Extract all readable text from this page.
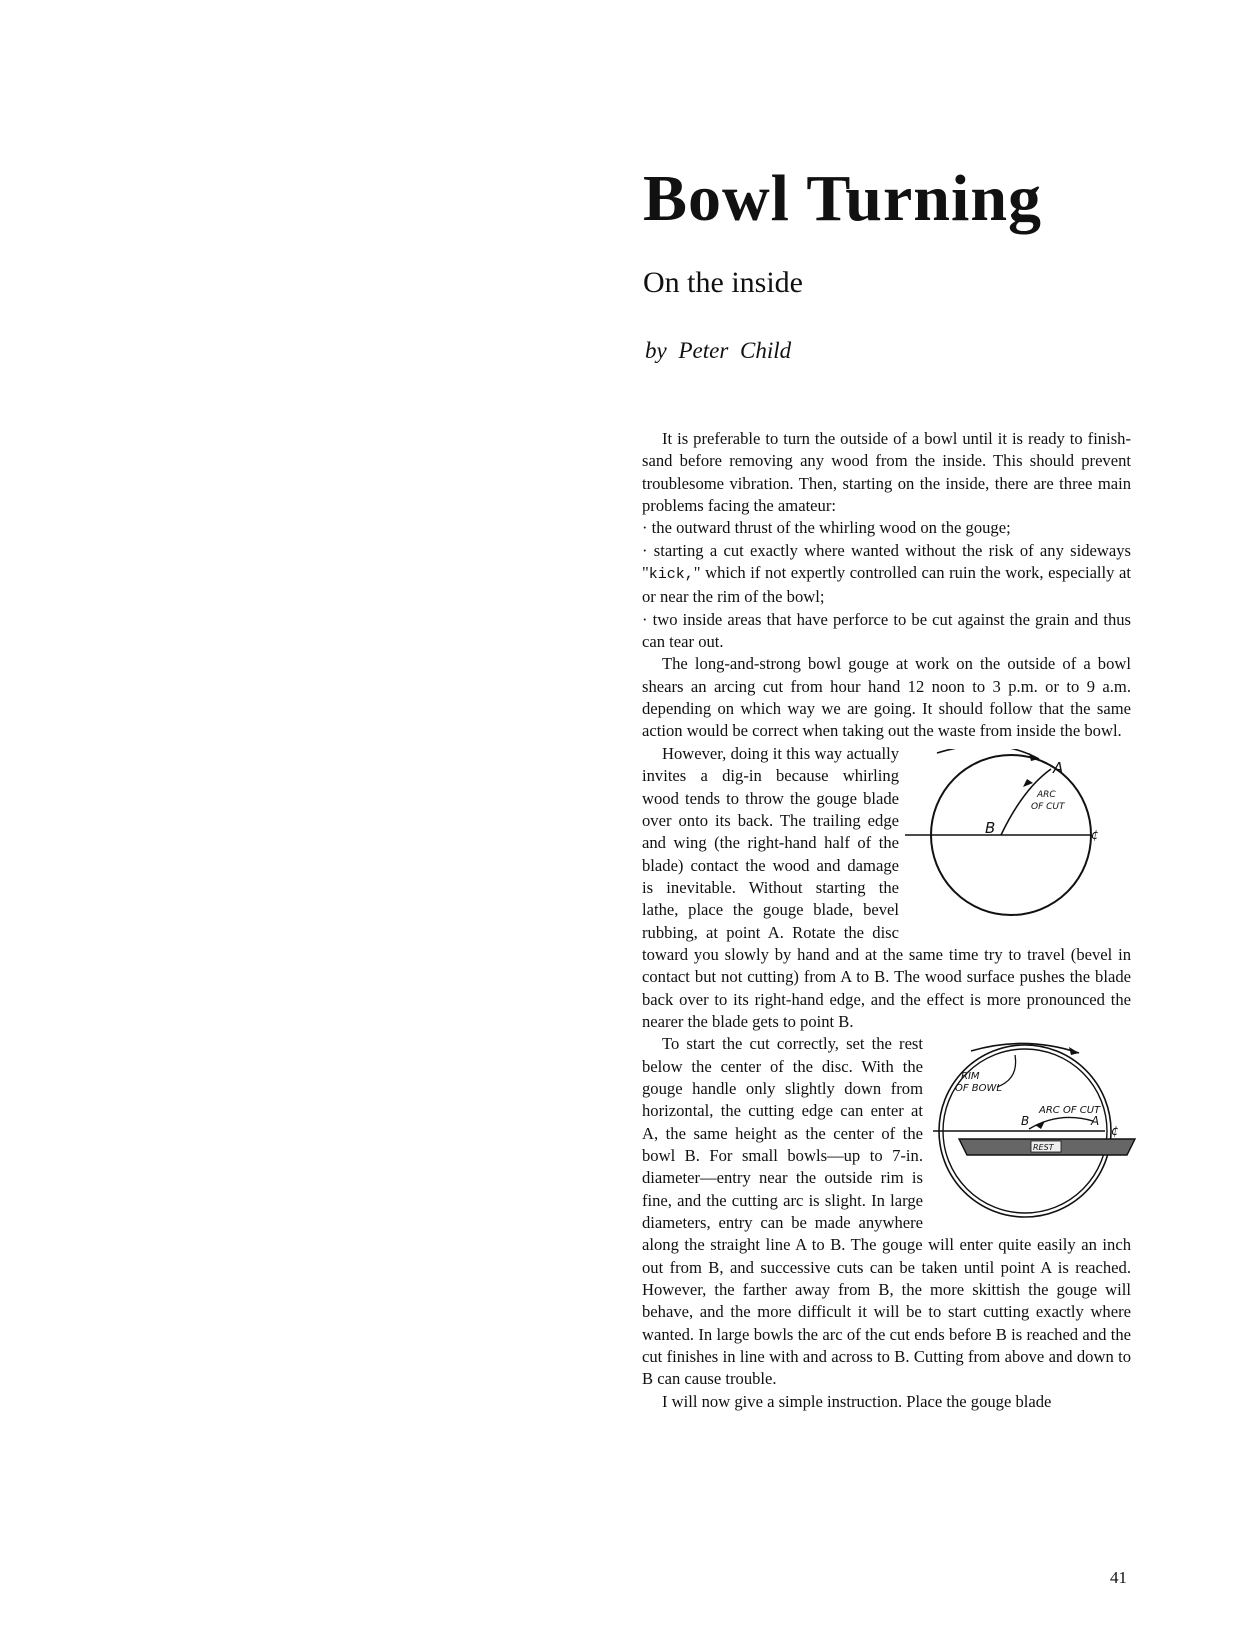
Bowl Turning
On the inside

by Peter Child

It is preferable to turn the outside of a bowl until it is ready to finish-sand before removing any wood from the inside. This should prevent troublesome vibration. Then, starting on the inside, there are three main problems facing the amateur:

· the outward thrust of the whirling wood on the gouge;

· starting a cut exactly where wanted without the risk of any sideways "kick," which if not expertly controlled can ruin the work, especially at or near the rim of the bowl;

· two inside areas that have perforce to be cut against the grain and thus can tear out.

The long-and-strong bowl gouge at work on the outside of a bowl shears an arcing cut from hour hand 12 noon to 3 p.m. or to 9 a.m. depending on which way we are going. It should follow that the same action would be correct when taking out the waste from inside the bowl.

A
B
ARC
OF CUT
¢
However, doing it this way actually invites a dig-in because whirling wood tends to throw the gouge blade over onto its back. The trailing edge and wing (the right-hand half of the blade) contact the wood and damage is inevitable. Without starting the lathe, place the gouge blade, bevel rubbing, at point A. Rotate the disc toward you slowly by hand and at the same time try to travel (bevel in contact but not cutting) from A to B. The wood surface pushes the blade back over to its right-hand edge, and the effect is more pronounced the nearer the blade gets to point B.

REST
RIM
OF BOWL
ARC OF CUT
A
B
¢
To start the cut correctly, set the rest below the center of the disc. With the gouge handle only slightly down from horizontal, the cutting edge can enter at A, the same height as the center of the bowl B. For small bowls—up to 7-in. diameter—entry near the outside rim is fine, and the cutting arc is slight. In large diameters, entry can be made anywhere along the straight line A to B. The gouge will enter quite easily an inch out from B, and successive cuts can be taken until point A is reached. However, the farther away from B, the more skittish the gouge will behave, and the more difficult it will be to start cutting exactly where wanted. In large bowls the arc of the cut ends before B is reached and the cut finishes in line with and across to B. Cutting from above and down to B can cause trouble.

I will now give a simple instruction. Place the gouge blade

41
